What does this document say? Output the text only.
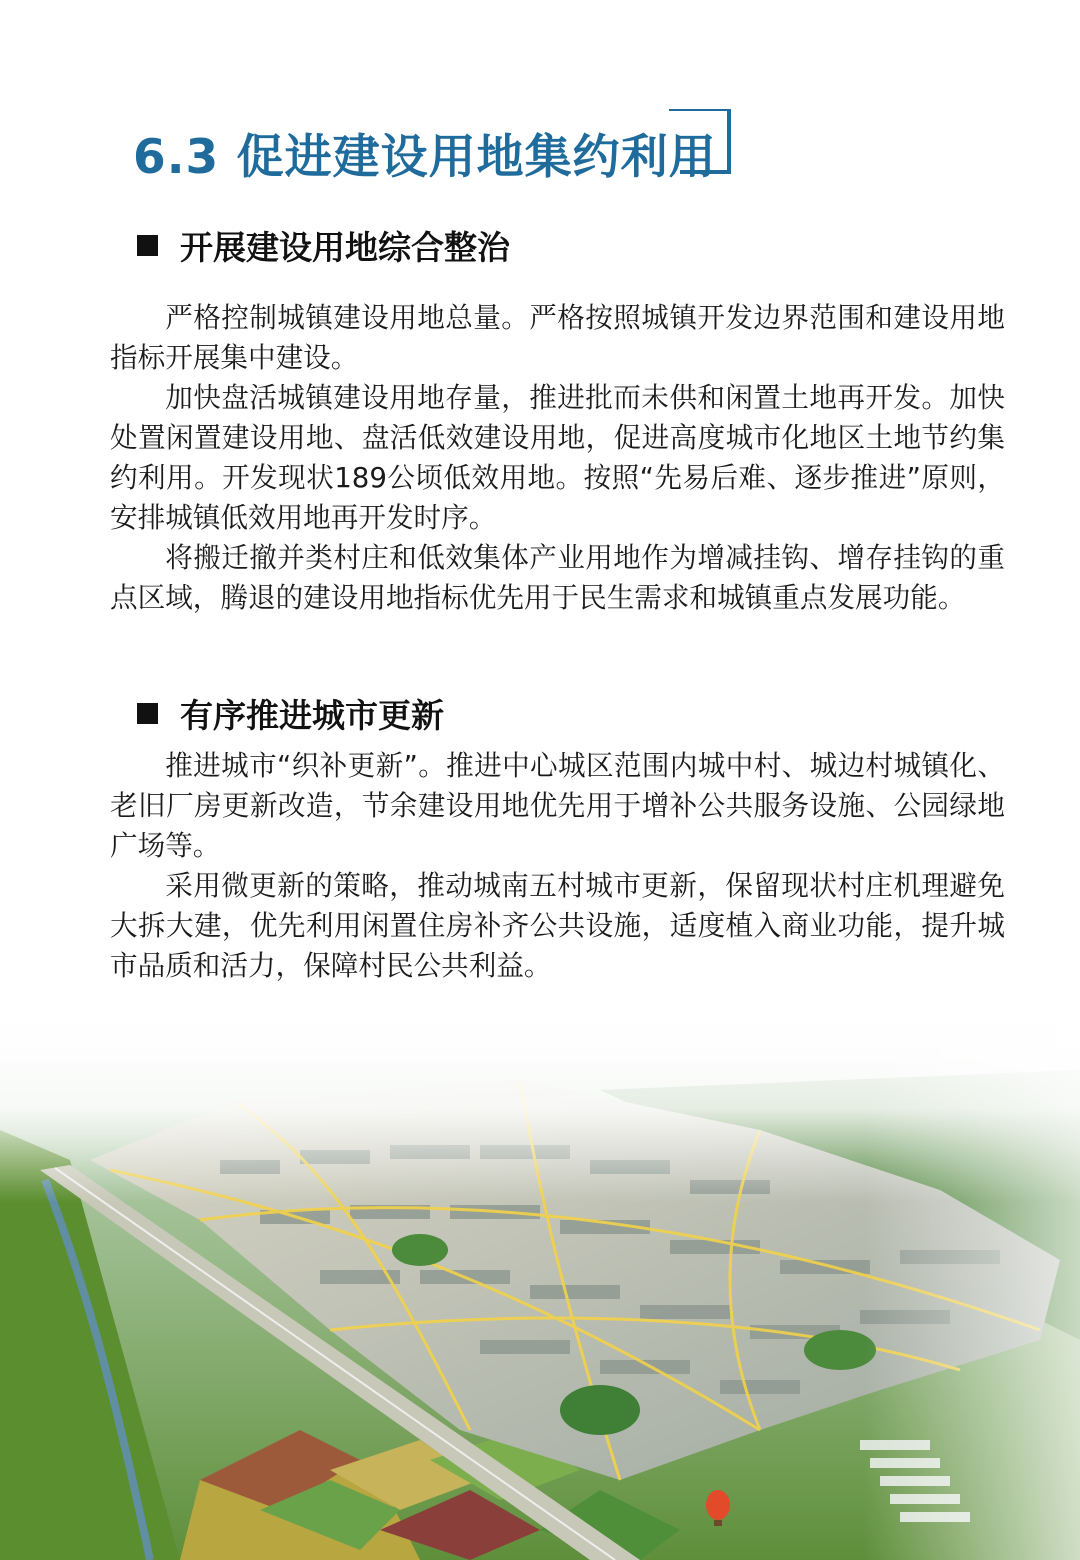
6.3 促进建设用地集约利用
开展建设用地综合整治

严格控制城镇建设用地总量。严格按照城镇开发边界范围和建设用地指标开展集中建设。

加快盘活城镇建设用地存量，推进批而未供和闲置土地再开发。加快处置闲置建设用地、盘活低效建设用地，促进高度城市化地区土地节约集约利用。开发现状189公顷低效用地。按照“先易后难、逐步推进”原则，安排城镇低效用地再开发时序。

将搬迁撤并类村庄和低效集体产业用地作为增减挂钩、增存挂钩的重点区域，腾退的建设用地指标优先用于民生需求和城镇重点发展功能。

有序推进城市更新

推进城市“织补更新”。推进中心城区范围内城中村、城边村城镇化、老旧厂房更新改造，节余建设用地优先用于增补公共服务设施、公园绿地广场等。

采用微更新的策略，推动城南五村城市更新，保留现状村庄机理避免大拆大建，优先利用闲置住房补齐公共设施，适度植入商业功能，提升城市品质和活力，保障村民公共利益。
